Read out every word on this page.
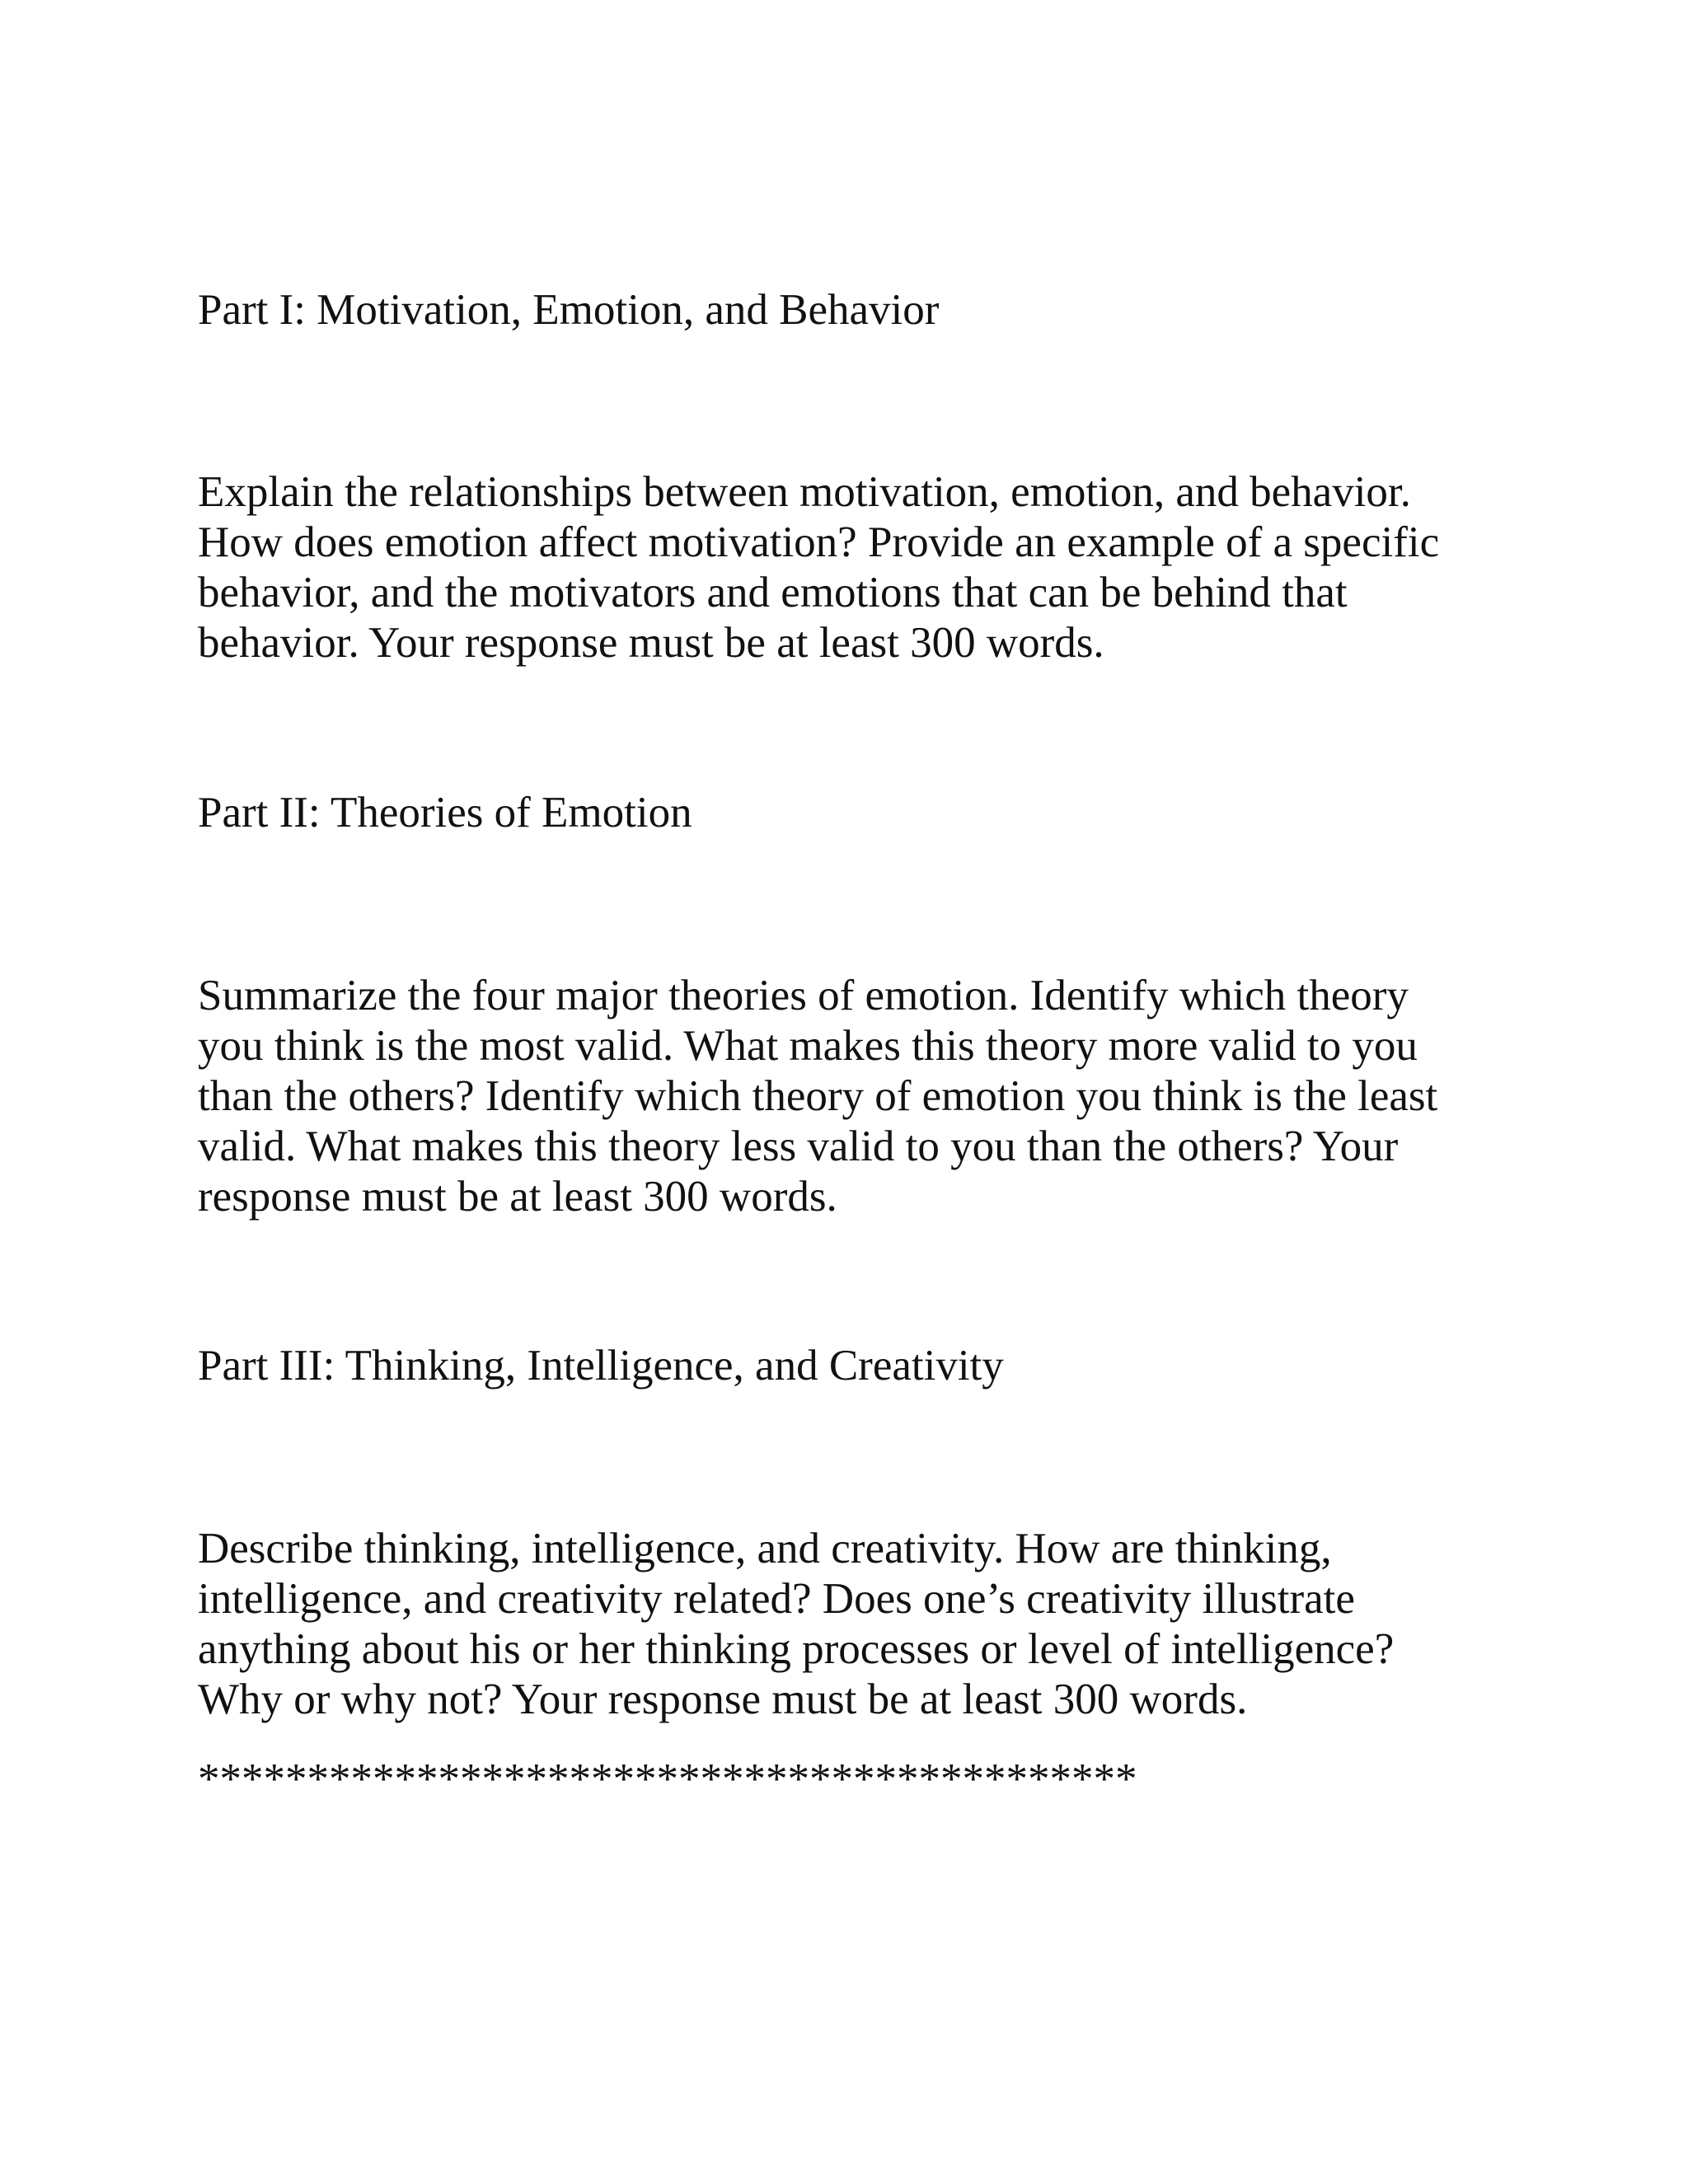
Part I: Motivation, Emotion, and Behavior

Explain the relationships between motivation, emotion, and behavior.
How does emotion affect motivation? Provide an example of a specific
behavior, and the motivators and emotions that can be behind that
behavior. Your response must be at least 300 words.

Part II: Theories of Emotion

Summarize the four major theories of emotion. Identify which theory
you think is the most valid. What makes this theory more valid to you
than the others? Identify which theory of emotion you think is the least
valid. What makes this theory less valid to you than the others? Your
response must be at least 300 words.

Part III: Thinking, Intelligence, and Creativity

Describe thinking, intelligence, and creativity. How are thinking,
intelligence, and creativity related? Does one’s creativity illustrate
anything about his or her thinking processes or level of intelligence?
Why or why not? Your response must be at least 300 words.

*******************************************
